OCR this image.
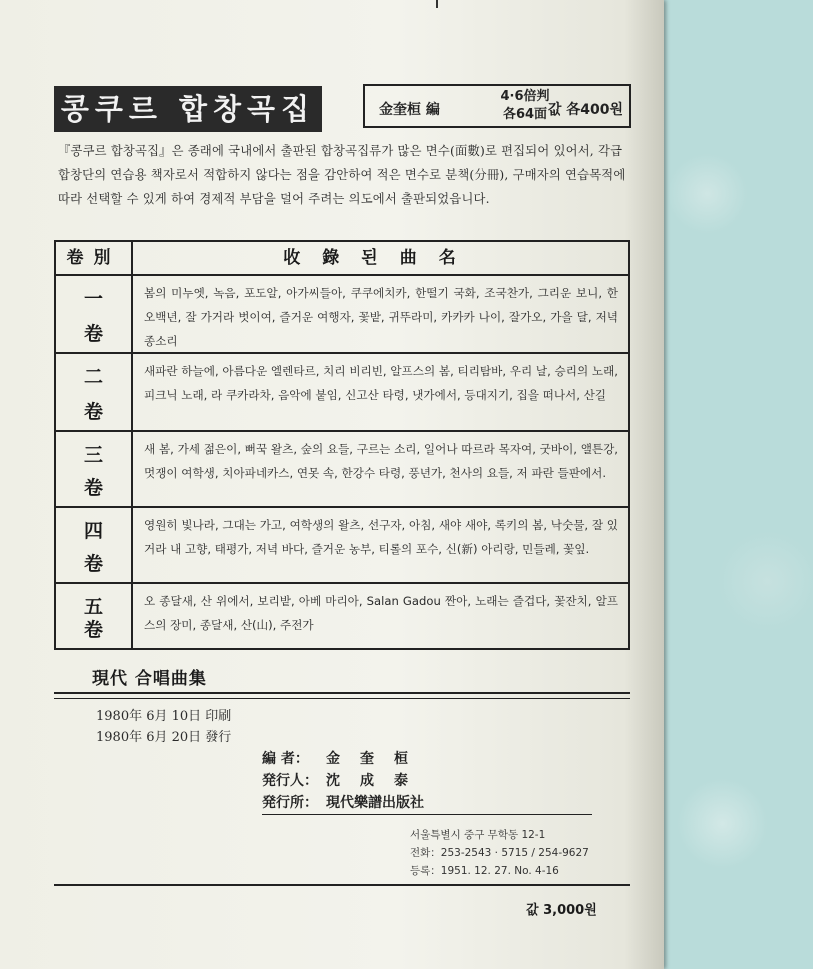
콩쿠르 합창곡집	金奎桓 編
4·6倍判
各64面 값 各400원
『콩쿠르 합창곡집』은 종래에 국내에서 출판된 합창곡집류가 많은 면수(面數)로 편집되어 있어서, 각급 합창단의 연습용 책자로서 적합하지 않다는 점을 감안하여 적은 면수로 분책(分冊), 구매자의 연습목적에 따라 선택할 수 있게 하여 경제적 부담을 덜어 주려는 의도에서 출판되었읍니다.
卷別	收錄된曲名
一
卷
봄의 미누엣, 녹음, 포도알, 아가씨들아, 쿠쿠에치카, 한떨기 국화, 조국찬가, 그리운 보니, 한 오백년, 잘 가거라 벗이여, 즐거운 여행자, 꽃밭, 귀뚜라미, 카카카 나이, 잘가오, 가을 달, 저녁 종소리
二
卷
새파란 하늘에, 아름다운 엘렌타르, 치리 비리빈, 알프스의 봄, 티리탐바, 우리 날, 승리의 노래, 피크닉 노래, 라 쿠카라차, 음악에 붙임, 신고산 타령, 냇가에서, 등대지기, 집을 떠나서, 산길
三
卷
새 봄, 가세 젊은이, 뻐꾹 왈츠, 숲의 요들, 구르는 소리, 일어나 따르라 목자여, 굿바이, 앨튼강, 멋쟁이 여학생, 치아파네카스, 연못 속, 한강수 타령, 풍년가, 천사의 요들, 저 파란 들판에서.
四
卷
영원히 빛나라, 그대는 가고, 여학생의 왈츠, 선구자, 아침, 새야 새야, 록키의 봄, 낙숫물, 잘 있거라 내 고향, 태평가, 저녁 바다, 즐거운 농부, 티롤의 포수, 신(新) 아리랑, 민들레, 꽃잎.
五
卷
오 종달새, 산 위에서, 보리밭, 아베 마리아, Salan Gadou 짠아, 노래는 즐겁다, 꽃잔치, 알프스의 장미, 종달새, 산(山), 주전가
現代 合唱曲集
1980年 6月 10日 印刷
1980年 6月 20日 發行
編 者： 金奎桓
発行人： 沈成泰
発行所： 現代樂譜出版社
서울특별시 중구 무학동 12-1
전화：253-2543 · 5715 / 254-9627
등록：1951. 12. 27. No. 4-16
값 3,000원
